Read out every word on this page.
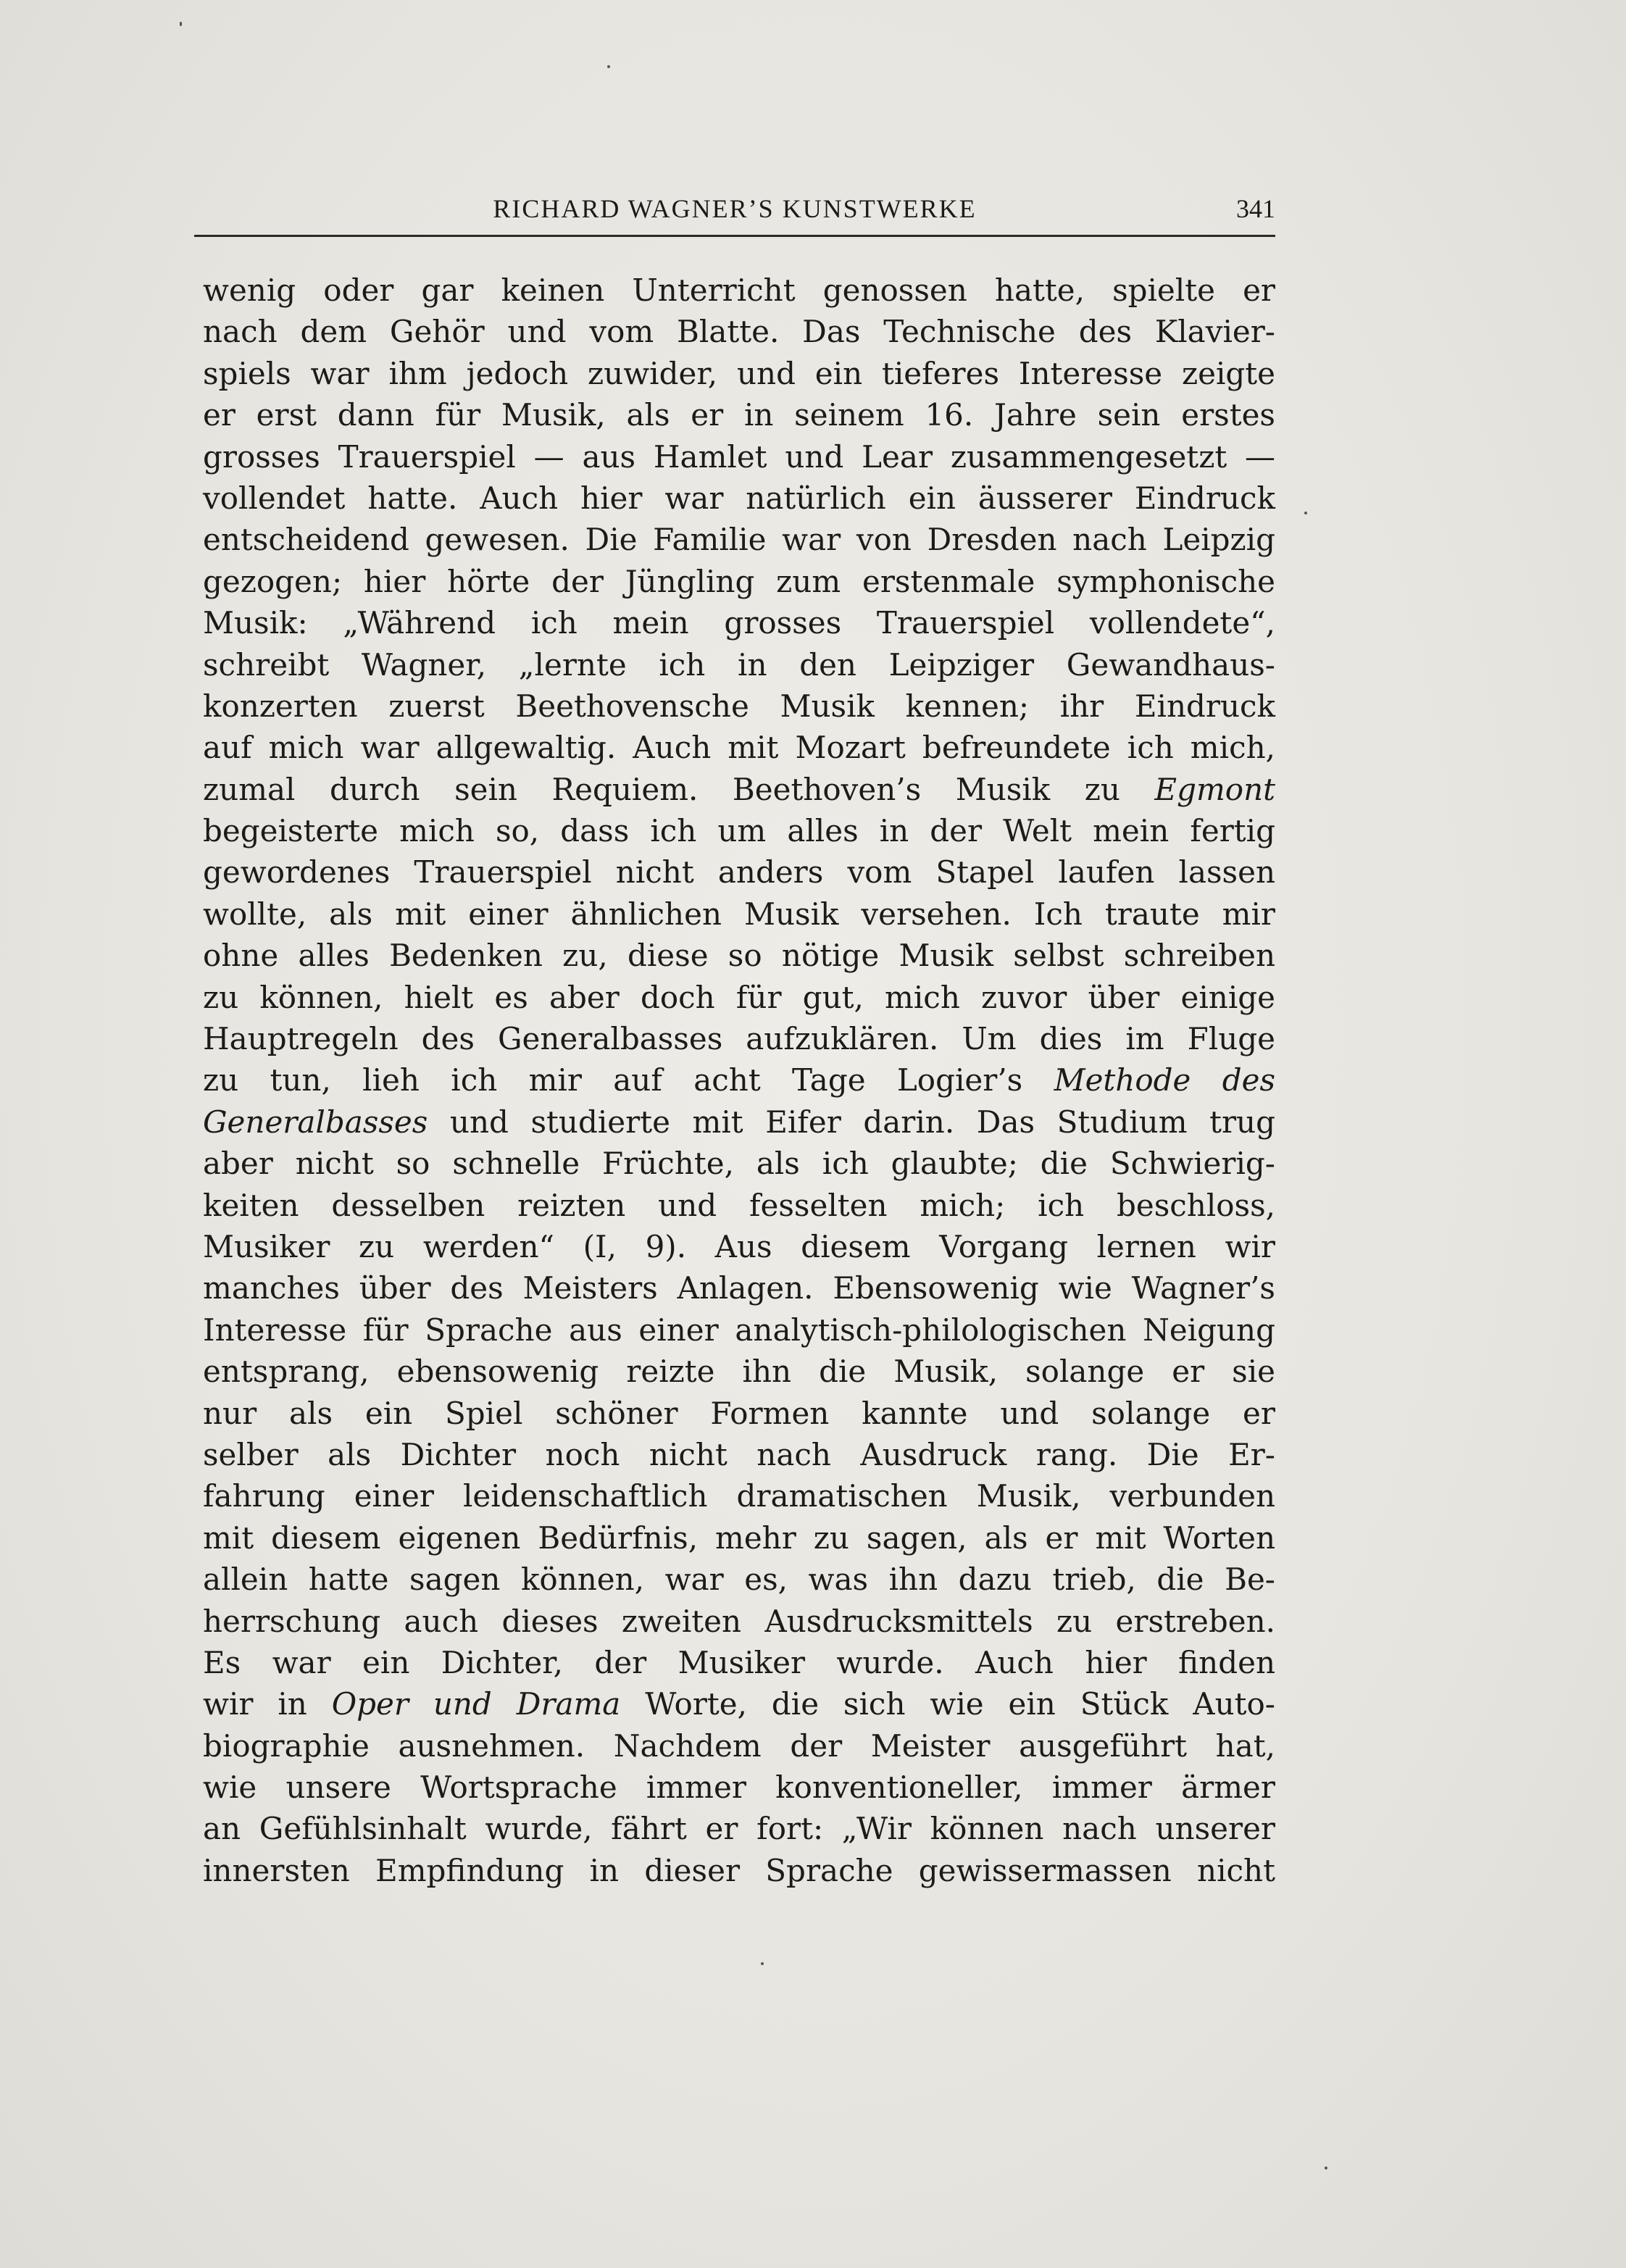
RICHARD WAGNER’S KUNSTWERKE	341
wenig oder gar keinen Unterricht genossen hatte, spielte er
nach dem Gehör und vom Blatte. Das Technische des Klavier-
spiels war ihm jedoch zuwider, und ein tieferes Interesse zeigte
er erst dann für Musik, als er in seinem 16. Jahre sein erstes
grosses Trauerspiel — aus Hamlet und Lear zusammengesetzt —
vollendet hatte. Auch hier war natürlich ein äusserer Eindruck
entscheidend gewesen. Die Familie war von Dresden nach Leipzig
gezogen; hier hörte der Jüngling zum erstenmale symphonische
Musik: „Während ich mein grosses Trauerspiel vollendete“,
schreibt Wagner, „lernte ich in den Leipziger Gewandhaus-
konzerten zuerst Beethovensche Musik kennen; ihr Eindruck
auf mich war allgewaltig. Auch mit Mozart befreundete ich mich,
zumal durch sein Requiem. Beethoven’s Musik zu Egmont
begeisterte mich so, dass ich um alles in der Welt mein fertig
gewordenes Trauerspiel nicht anders vom Stapel laufen lassen
wollte, als mit einer ähnlichen Musik versehen. Ich traute mir
ohne alles Bedenken zu, diese so nötige Musik selbst schreiben
zu können, hielt es aber doch für gut, mich zuvor über einige
Hauptregeln des Generalbasses aufzuklären. Um dies im Fluge
zu tun, lieh ich mir auf acht Tage Logier’s Methode des
Generalbasses und studierte mit Eifer darin. Das Studium trug
aber nicht so schnelle Früchte, als ich glaubte; die Schwierig-
keiten desselben reizten und fesselten mich; ich beschloss,
Musiker zu werden“ (I, 9). Aus diesem Vorgang lernen wir
manches über des Meisters Anlagen. Ebensowenig wie Wagner’s
Interesse für Sprache aus einer analytisch-philologischen Neigung
entsprang, ebensowenig reizte ihn die Musik, solange er sie
nur als ein Spiel schöner Formen kannte und solange er
selber als Dichter noch nicht nach Ausdruck rang. Die Er-
fahrung einer leidenschaftlich dramatischen Musik, verbunden
mit diesem eigenen Bedürfnis, mehr zu sagen, als er mit Worten
allein hatte sagen können, war es, was ihn dazu trieb, die Be-
herrschung auch dieses zweiten Ausdrucksmittels zu erstreben.
Es war ein Dichter, der Musiker wurde. Auch hier finden
wir in Oper und Drama Worte, die sich wie ein Stück Auto-
biographie ausnehmen. Nachdem der Meister ausgeführt hat,
wie unsere Wortsprache immer konventioneller, immer ärmer
an Gefühlsinhalt wurde, fährt er fort: „Wir können nach unserer
innersten Empfindung in dieser Sprache gewissermassen nicht
